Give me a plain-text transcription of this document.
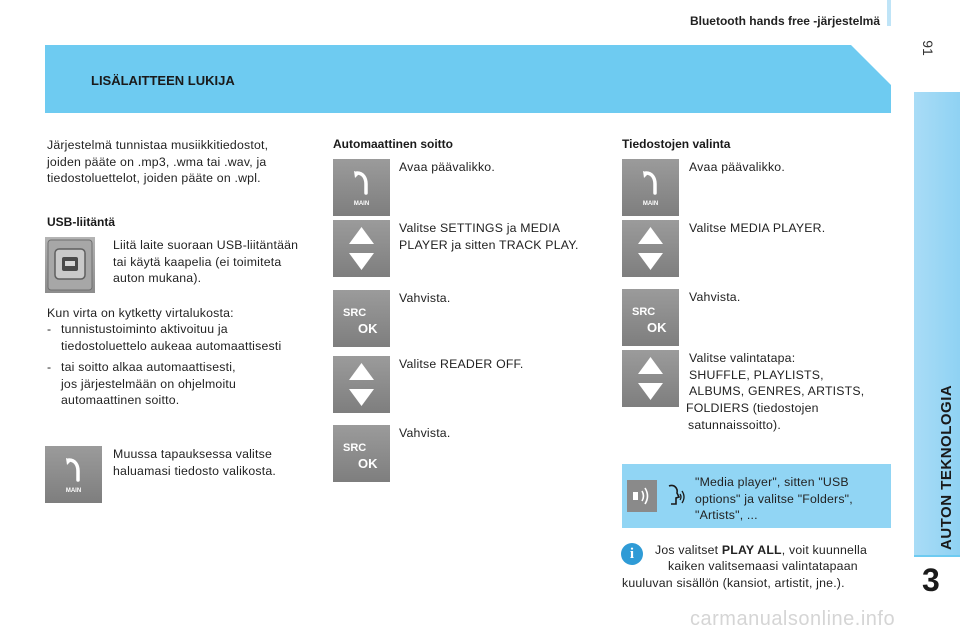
Bluetooth hands free -järjestelmä
91
LISÄLAITTEEN LUKIJA
AUTON TEKNOLOGIA
3
Järjestelmä tunnistaa musiikkitiedostot,
joiden pääte on .mp3, .wma tai .wav, ja
tiedostoluettelot, joiden pääte on .wpl.
USB-liitäntä
Liitä laite suoraan USB-liitäntään
tai käytä kaapelia (ei toimiteta
auton mukana).
Kun virta on kytketty virtalukosta:
- tunnistustoiminto aktivoituu ja
tiedostoluettelo aukeaa automaattisesti
- tai soitto alkaa automaattisesti,
jos järjestelmään on ohjelmoitu
automaattinen soitto.
MAIN
Muussa tapauksessa valitse
haluamasi tiedosto valikosta.
Automaattinen soitto
MAIN
Avaa päävalikko.
Valitse SETTINGS ja MEDIA
PLAYER ja sitten TRACK PLAY.
SRC
OK
Vahvista.
Valitse READER OFF.
SRC
OK
Vahvista.
Tiedostojen valinta
MAIN
Avaa päävalikko.
Valitse MEDIA PLAYER.
SRC
OK
Vahvista.
Valitse valintatapa:
SHUFFLE, PLAYLISTS,
ALBUMS, GENRES, ARTISTS,
FOLDIERS (tiedostojen
satunnaissoitto).
"Media player", sitten "USB
options" ja valitse "Folders",
"Artists", ...
i	Jos valitset PLAY ALL, voit kuunnella
kaiken valitsemaasi valintatapaan
kuuluvan sisällön (kansiot, artistit, jne.).
carmanualsonline.info
